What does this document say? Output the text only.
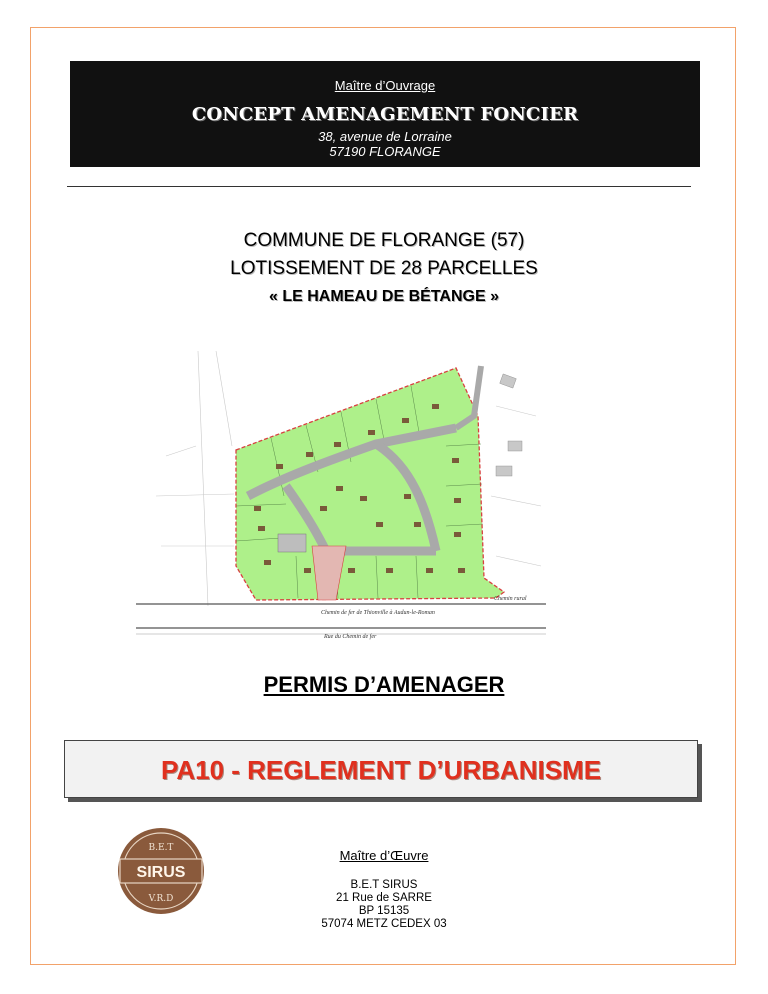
Maître d’Ouvrage
CONCEPT AMENAGEMENT FONCIER
38, avenue de Lorraine
57190 FLORANGE
COMMUNE DE FLORANGE (57)
LOTISSEMENT DE 28 PARCELLES
« LE HAMEAU DE BÉTANGE »
Chemin rural
Chemin de fer de Thionville à Audun-le-Roman
Rue du Chemin de fer
PERMIS D’AMENAGER
PA10 - REGLEMENT D’URBANISME
B.E.T
SIRUS
V.R.D
Maître d’Œuvre
B.E.T SIRUS
21 Rue de SARRE
BP 15135
57074 METZ CEDEX 03
